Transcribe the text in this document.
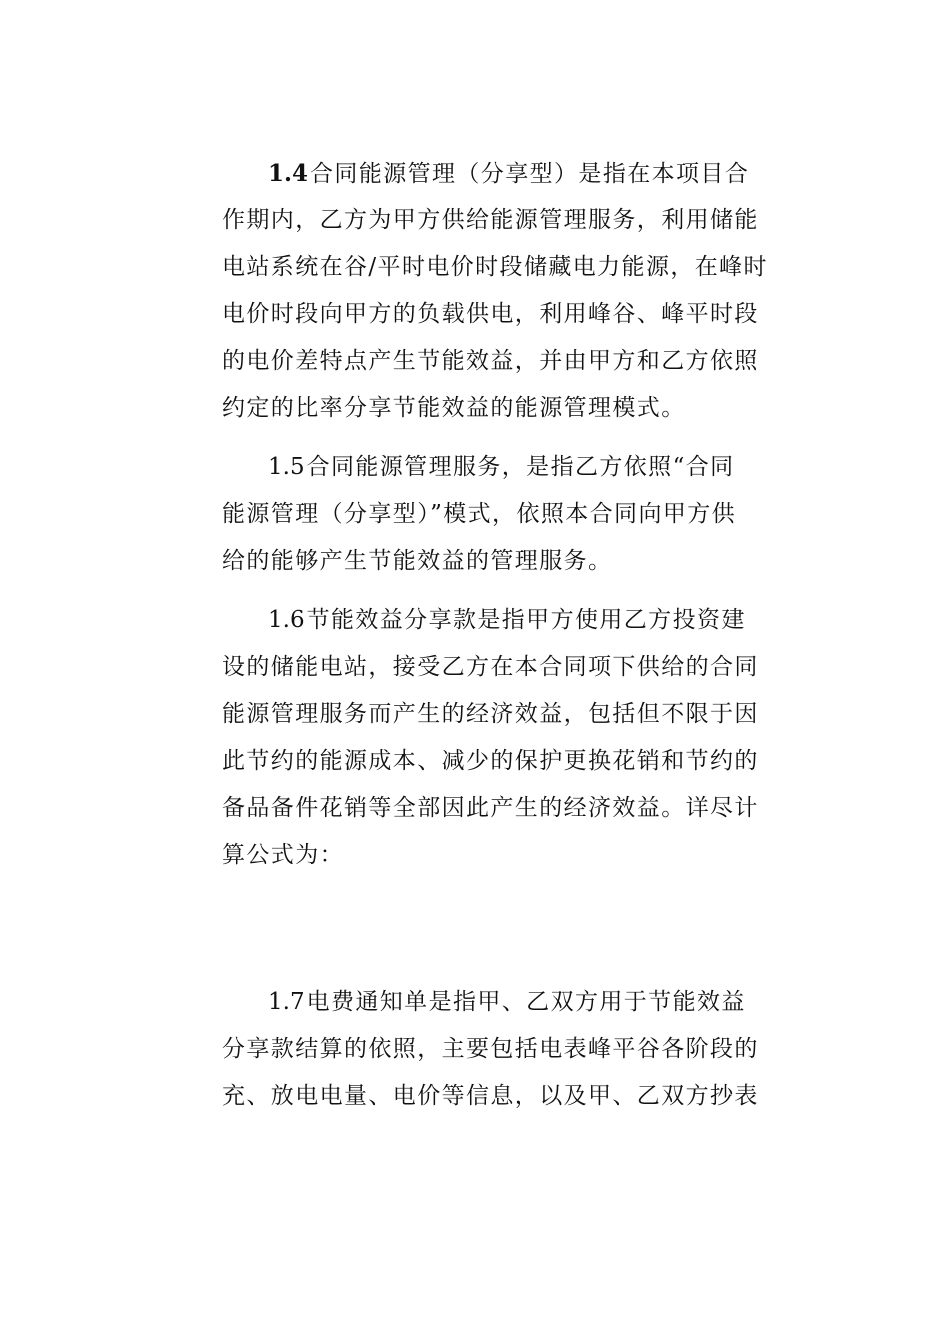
1.4合同能源管理（分享型）是指在本项目合
作期内，乙方为甲方供给能源管理服务，利用储能
电站系统在谷/平时电价时段储藏电力能源，在峰时
电价时段向甲方的负载供电，利用峰谷、峰平时段
的电价差特点产生节能效益，并由甲方和乙方依照
约定的比率分享节能效益的能源管理模式。
1.5合同能源管理服务，是指乙方依照“合同
能源管理（分享型）”模式，依照本合同向甲方供
给的能够产生节能效益的管理服务。
1.6节能效益分享款是指甲方使用乙方投资建
设的储能电站，接受乙方在本合同项下供给的合同
能源管理服务而产生的经济效益，包括但不限于因
此节约的能源成本、减少的保护更换花销和节约的
备品备件花销等全部因此产生的经济效益。详尽计
算公式为：
1.7电费通知单是指甲、乙双方用于节能效益
分享款结算的依照，主要包括电表峰平谷各阶段的
充、放电电量、电价等信息，以及甲、乙双方抄表
